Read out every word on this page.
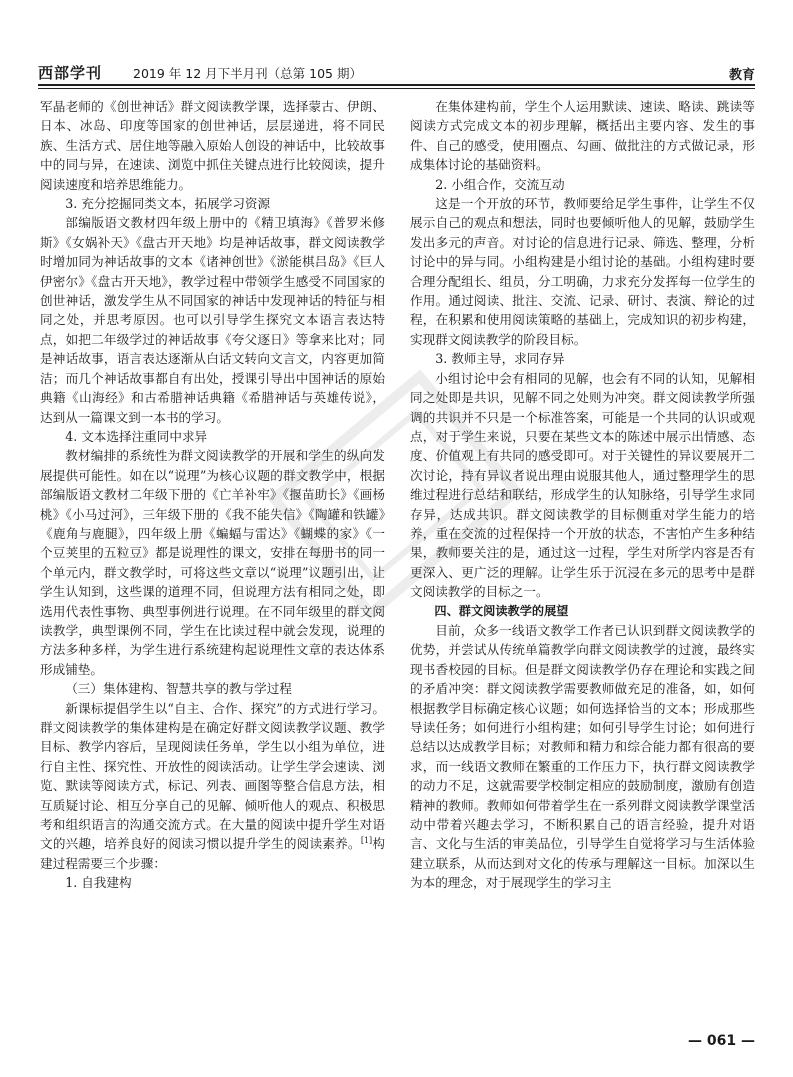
西部学刊 2019 年 12 月下半月刊（总第 105 期）	教育

军晶老师的《创世神话》群文阅读教学课，选择蒙古、伊朗、日本、冰岛、印度等国家的创世神话，层层递进，将不同民族、生活方式、居住地等融入原始人创设的神话中，比较故事中的同与异，在速读、浏览中抓住关键点进行比较阅读，提升阅读速度和培养思维能力。

3. 充分挖掘同类文本，拓展学习资源

部编版语文教材四年级上册中的《精卫填海》《普罗米修斯》《女娲补天》《盘古开天地》均是神话故事，群文阅读教学时增加同为神话故事的文本《诸神创世》《淤能棋吕岛》《巨人伊密尔》《盘古开天地》，教学过程中带领学生感受不同国家的创世神话，激发学生从不同国家的神话中发现神话的特征与相同之处，并思考原因。也可以引导学生探究文本语言表达特点，如把二年级学过的神话故事《夸父逐日》等拿来比对；同是神话故事，语言表达逐渐从白话文转向文言文，内容更加简洁；而几个神话故事都自有出处，授课引导出中国神话的原始典籍《山海经》和古希腊神话典籍《希腊神话与英雄传说》，达到从一篇课文到一本书的学习。

4. 文本选择注重同中求异

教材编排的系统性为群文阅读教学的开展和学生的纵向发展提供可能性。如在以“说理”为核心议题的群文教学中，根据部编版语文教材二年级下册的《亡羊补牢》《揠苗助长》《画杨桃》《小马过河》，三年级下册的《我不能失信》《陶罐和铁罐》《鹿角与鹿腿》，四年级上册《蝙蝠与雷达》《蝴蝶的家》《一个豆荚里的五粒豆》都是说理性的课文，安排在每册书的同一个单元内，群文教学时，可将这些文章以“说理”议题引出，让学生认知到，这些课的道理不同，但说理方法有相同之处，即选用代表性事物、典型事例进行说理。在不同年级里的群文阅读教学，典型课例不同，学生在比读过程中就会发现，说理的方法多种多样，为学生进行系统建构起说理性文章的表达体系形成铺垫。

（三）集体建构、智慧共享的教与学过程

新课标提倡学生以“自主、合作、探究”的方式进行学习。群文阅读教学的集体建构是在确定好群文阅读教学议题、教学目标、教学内容后，呈现阅读任务单，学生以小组为单位，进行自主性、探究性、开放性的阅读活动。让学生学会速读、浏览、默读等阅读方式，标记、列表、画图等整合信息方法，相互质疑讨论、相互分享自己的见解、倾听他人的观点、积极思考和组织语言的沟通交流方式。在大量的阅读中提升学生对语文的兴趣，培养良好的阅读习惯以提升学生的阅读素养。[1]构建过程需要三个步骤：

1. 自我建构

在集体建构前，学生个人运用默读、速读、略读、跳读等阅读方式完成文本的初步理解，概括出主要内容、发生的事件、自己的感受，使用圈点、勾画、做批注的方式做记录，形成集体讨论的基础资料。

2. 小组合作，交流互动

这是一个开放的环节，教师要给足学生事件，让学生不仅展示自己的观点和想法，同时也要倾听他人的见解，鼓励学生发出多元的声音。对讨论的信息进行记录、筛选、整理，分析讨论中的异与同。小组构建是小组讨论的基础。小组构建时要合理分配组长、组员，分工明确，力求充分发挥每一位学生的作用。通过阅读、批注、交流、记录、研讨、表演、辩论的过程，在积累和使用阅读策略的基础上，完成知识的初步构建，实现群文阅读教学的阶段目标。

3. 教师主导，求同存异

小组讨论中会有相同的见解，也会有不同的认知，见解相同之处即是共识，见解不同之处则为冲突。群文阅读教学所强调的共识并不只是一个标准答案，可能是一个共同的认识或观点，对于学生来说，只要在某些文本的陈述中展示出情感、态度、价值观上有共同的感受即可。对于关键性的异议要展开二次讨论，持有异议者说出理由说服其他人，通过整理学生的思维过程进行总结和联结，形成学生的认知脉络，引导学生求同存异，达成共识。群文阅读教学的目标侧重对学生能力的培养，重在交流的过程保持一个开放的状态，不害怕产生多种结果，教师要关注的是，通过这一过程，学生对所学内容是否有更深入、更广泛的理解。让学生乐于沉浸在多元的思考中是群文阅读教学的目标之一。

四、群文阅读教学的展望

目前，众多一线语文教学工作者已认识到群文阅读教学的优势，并尝试从传统单篇教学向群文阅读教学的过渡，最终实现书香校园的目标。但是群文阅读教学仍存在理论和实践之间的矛盾冲突：群文阅读教学需要教师做充足的准备，如，如何根据教学目标确定核心议题；如何选择恰当的文本；形成那些导读任务；如何进行小组构建；如何引导学生讨论；如何进行总结以达成教学目标；对教师和精力和综合能力都有很高的要求，而一线语文教师在繁重的工作压力下，执行群文阅读教学的动力不足，这就需要学校制定相应的鼓励制度，激励有创造精神的教师。教师如何带着学生在一系列群文阅读教学课堂活动中带着兴趣去学习，不断积累自己的语言经验，提升对语言、文化与生活的审美品位，引导学生自觉将学习与生活体验建立联系，从而达到对文化的传承与理解这一目标。加深以生为本的理念，对于展现学生的学习主

— 061 —
